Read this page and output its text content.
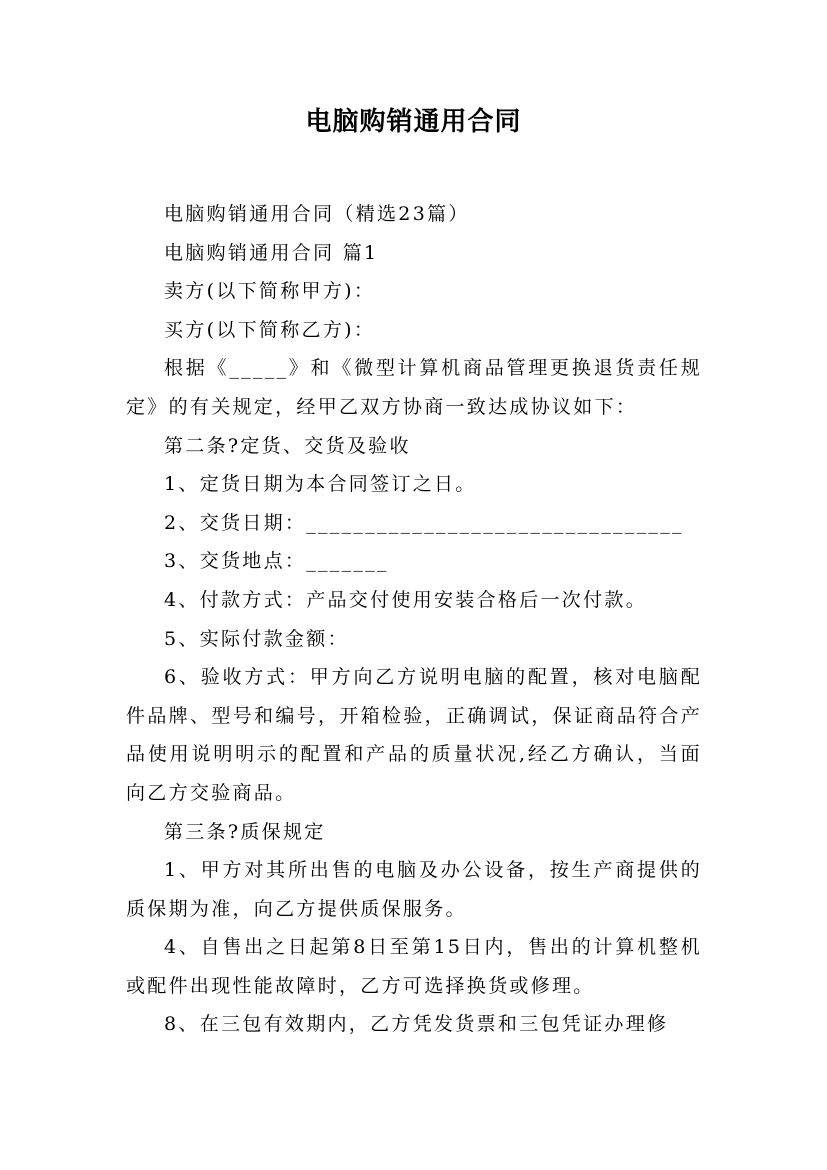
电脑购销通用合同

电脑购销通用合同（精选23篇）

电脑购销通用合同 篇1

卖方(以下简称甲方)：

买方(以下简称乙方)：

根据《_____》和《微型计算机商品管理更换退货责任规定》的有关规定，经甲乙双方协商一致达成协议如下：

第二条?定货、交货及验收

1、定货日期为本合同签订之日。

2、交货日期：________________________________

3、交货地点：_______

4、付款方式：产品交付使用安装合格后一次付款。

5、实际付款金额：

6、验收方式：甲方向乙方说明电脑的配置，核对电脑配件品牌、型号和编号，开箱检验，正确调试，保证商品符合产品使用说明明示的配置和产品的质量状况,经乙方确认，当面向乙方交验商品。

第三条?质保规定

1、甲方对其所出售的电脑及办公设备，按生产商提供的质保期为准，向乙方提供质保服务。

4、自售出之日起第8日至第15日内，售出的计算机整机或配件出现性能故障时，乙方可选择换货或修理。

8、在三包有效期内，乙方凭发货票和三包凭证办理修
